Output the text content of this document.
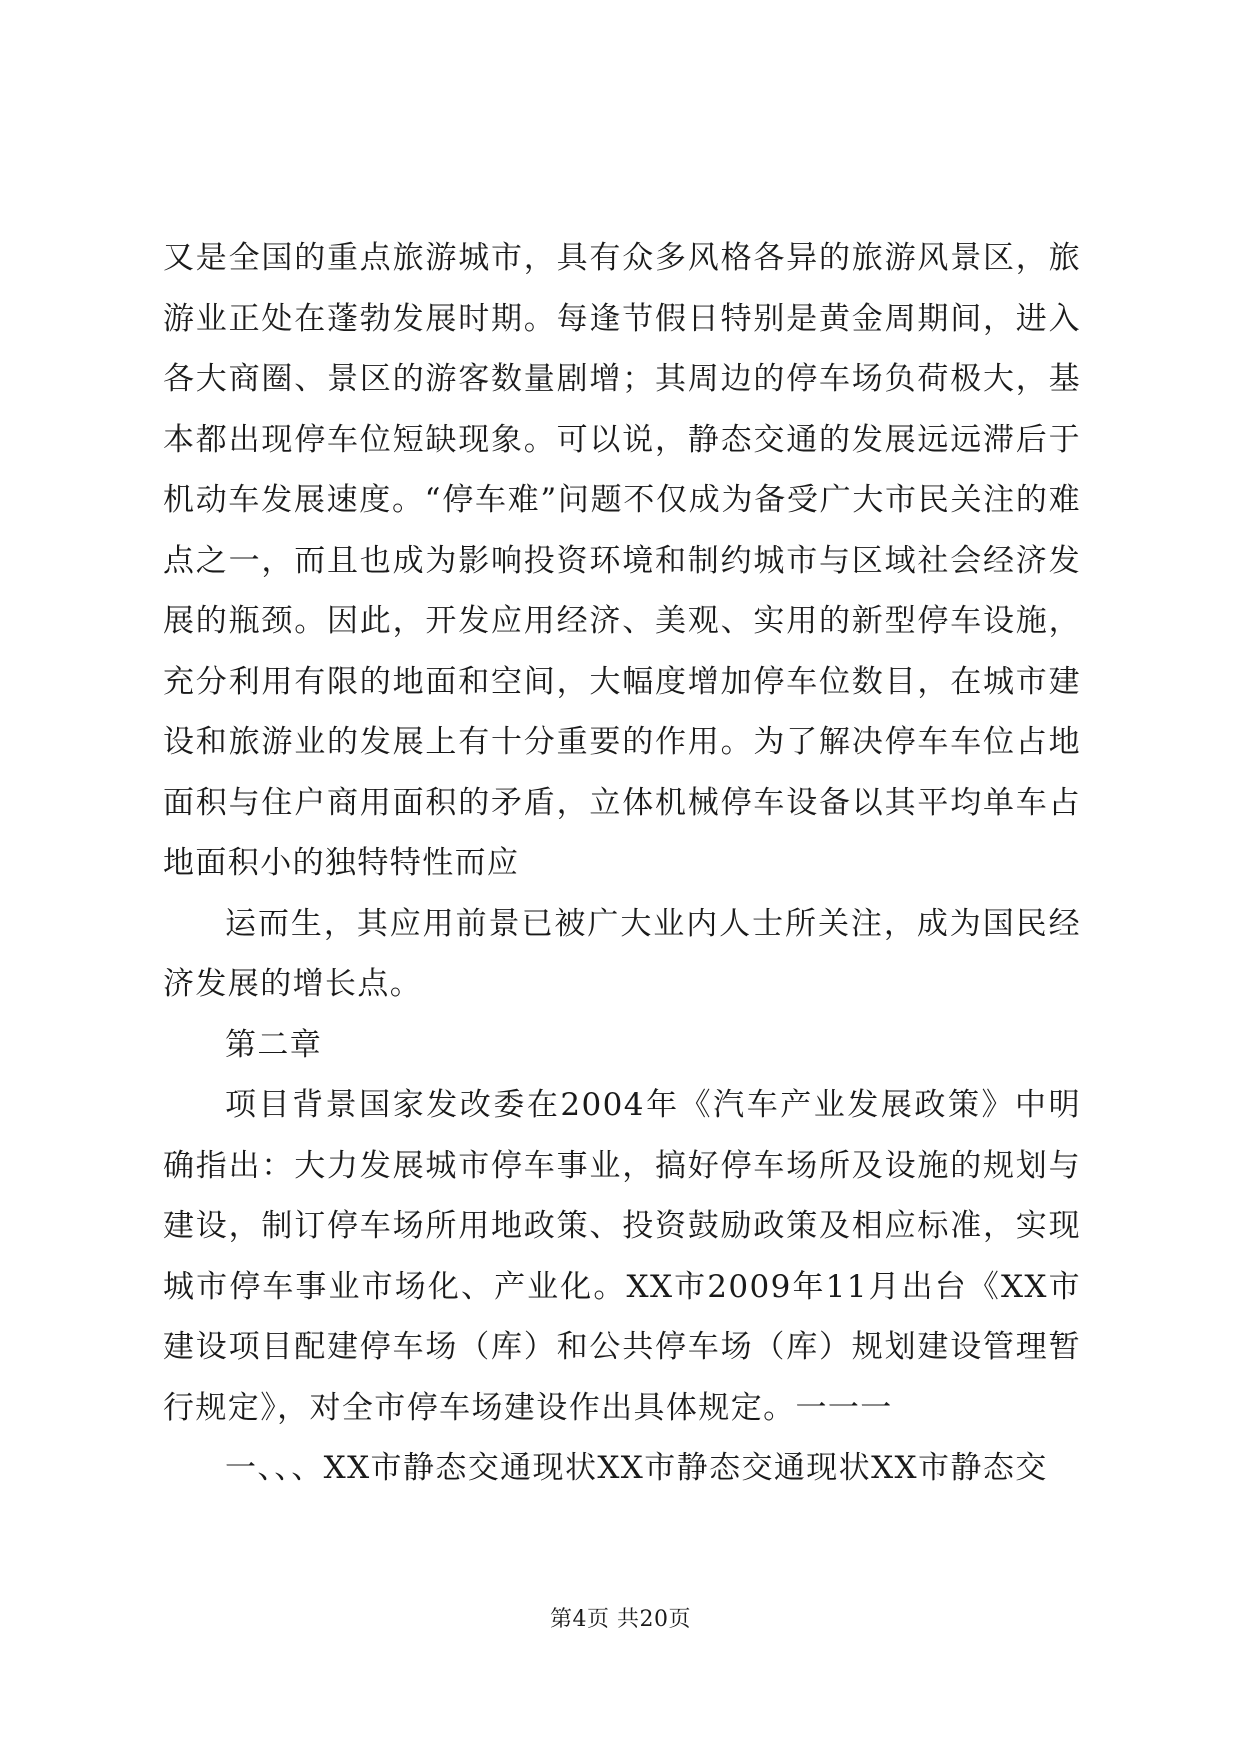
又是全国的重点旅游城市，具有众多风格各异的旅游风景区，旅游业正处在蓬勃发展时期。每逢节假日特别是黄金周期间，进入各大商圈、景区的游客数量剧增；其周边的停车场负荷极大，基本都出现停车位短缺现象。可以说，静态交通的发展远远滞后于机动车发展速度。“停车难”问题不仅成为备受广大市民关注的难点之一，而且也成为影响投资环境和制约城市与区域社会经济发展的瓶颈。因此，开发应用经济、美观、实用的新型停车设施，充分利用有限的地面和空间，大幅度增加停车位数目，在城市建设和旅游业的发展上有十分重要的作用。为了解决停车车位占地面积与住户商用面积的矛盾，立体机械停车设备以其平均单车占地面积小的独特特性而应

运而生，其应用前景已被广大业内人士所关注，成为国民经济发展的增长点。

第二章

项目背景国家发改委在2004年《汽车产业发展政策》中明确指出：大力发展城市停车事业，搞好停车场所及设施的规划与建设，制订停车场所用地政策、投资鼓励政策及相应标准，实现城市停车事业市场化、产业化。XX市2009年11月出台《XX市建设项目配建停车场（库）和公共停车场（库）规划建设管理暂行规定》，对全市停车场建设作出具体规定。一一一

一、、、XX市静态交通现状XX市静态交通现状XX市静态交

第4页 共20页
